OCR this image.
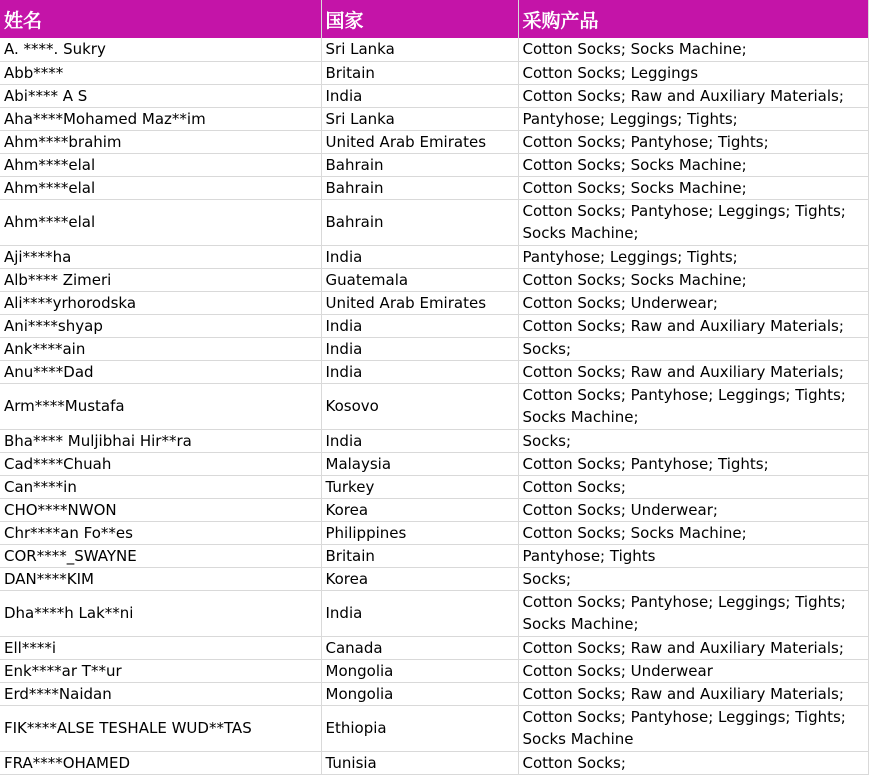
姓名	国家	采购产品
A. ****. Sukry	Sri Lanka	Cotton Socks; Socks Machine;
Abb****	Britain	Cotton Socks; Leggings
Abi**** A S	India	Cotton Socks; Raw and Auxiliary Materials;
Aha****Mohamed Maz**im	Sri Lanka	Pantyhose; Leggings; Tights;
Ahm****brahim	United Arab Emirates	Cotton Socks; Pantyhose; Tights;
Ahm****elal	Bahrain	Cotton Socks; Socks Machine;
Ahm****elal	Bahrain	Cotton Socks; Socks Machine;
Ahm****elal	Bahrain	Cotton Socks; Pantyhose; Leggings; Tights; Socks Machine;
Aji****ha	India	Pantyhose; Leggings; Tights;
Alb**** Zimeri	Guatemala	Cotton Socks; Socks Machine;
Ali****yrhorodska	United Arab Emirates	Cotton Socks; Underwear;
Ani****shyap	India	Cotton Socks; Raw and Auxiliary Materials;
Ank****ain	India	Socks;
Anu****Dad	India	Cotton Socks; Raw and Auxiliary Materials;
Arm****Mustafa	Kosovo	Cotton Socks; Pantyhose; Leggings; Tights; Socks Machine;
Bha**** Muljibhai Hir**ra	India	Socks;
Cad****Chuah	Malaysia	Cotton Socks; Pantyhose; Tights;
Can****in	Turkey	Cotton Socks;
CHO****NWON	Korea	Cotton Socks; Underwear;
Chr****an Fo**es	Philippines	Cotton Socks; Socks Machine;
COR****_SWAYNE	Britain	Pantyhose; Tights
DAN****KIM	Korea	Socks;
Dha****h Lak**ni	India	Cotton Socks; Pantyhose; Leggings; Tights; Socks Machine;
Ell****i	Canada	Cotton Socks; Raw and Auxiliary Materials;
Enk****ar T**ur	Mongolia	Cotton Socks; Underwear
Erd****Naidan	Mongolia	Cotton Socks; Raw and Auxiliary Materials;
FIK****ALSE TESHALE WUD**TAS	Ethiopia	Cotton Socks; Pantyhose; Leggings; Tights; Socks Machine
FRA****OHAMED	Tunisia	Cotton Socks;
